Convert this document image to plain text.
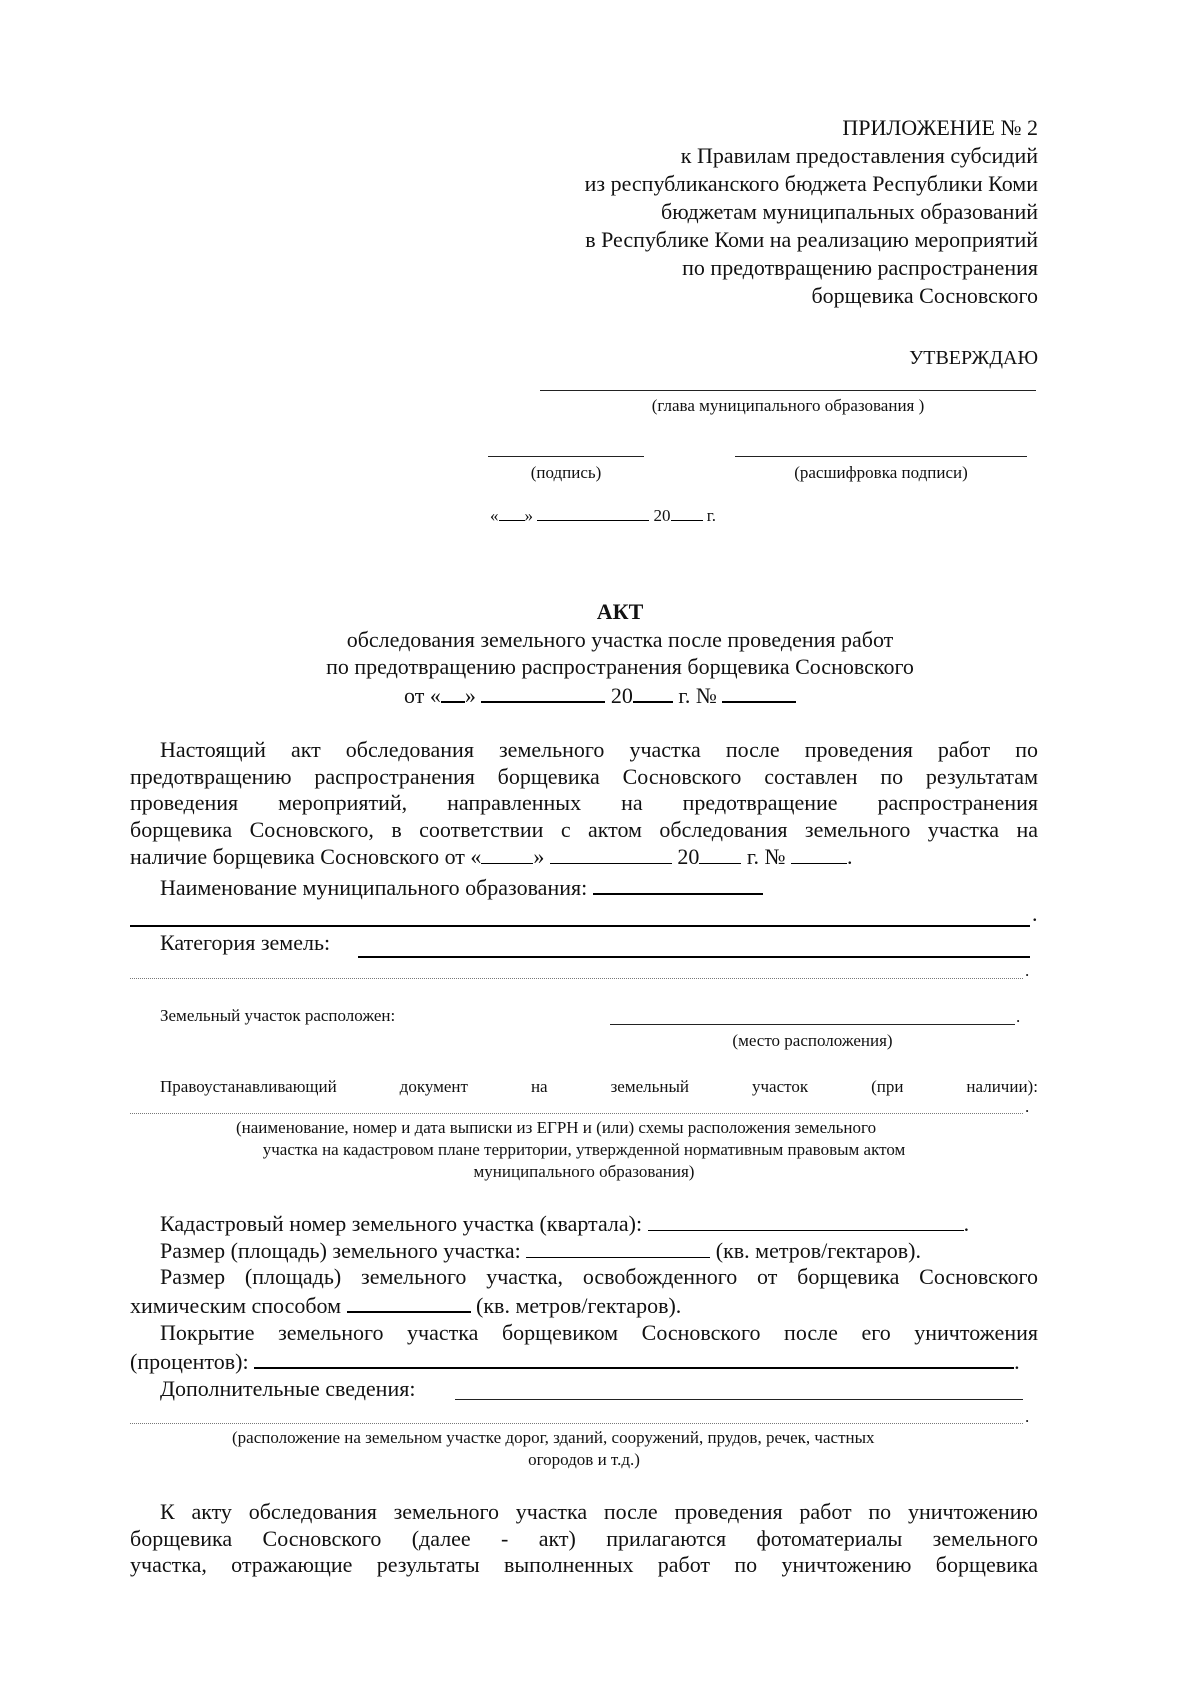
ПРИЛОЖЕНИЕ № 2
к Правилам предоставления субсидий
из республиканского бюджета Республики Коми
бюджетам муниципальных образований
в Республике Коми на реализацию мероприятий
по предотвращению распространения
борщевика Сосновского
УТВЕРЖДАЮ
(глава муниципального образования )
(подпись)	(расшифровка подписи)
« »	20 г.
АКТ
обследования земельного участка после проведения работ
по предотвращению распространения борщевика Сосновского
от « »	20 г. №
Настоящий акт обследования земельного участка после проведения работ по
предотвращению распространения борщевика Сосновского составлен по результатам
проведения мероприятий, направленных на предотвращение распространения
борщевика Сосновского, в соответствии с актом обследования земельного участка на
наличие борщевика Сосновского от « »	20 г. №	.
Наименование муниципального образования:
.
Категория земель:
.
Земельный участок расположен:	.
(место расположения)
Правоустанавливающий	документ	на	земельный	участок	(при	наличии):
.
(наименование, номер и дата выписки из ЕГРН и (или) схемы расположения земельного
участка на кадастровом плане территории, утвержденной нормативным правовым актом
муниципального образования)
Кадастровый номер земельного участка (квартала):	.
Размер (площадь) земельного участка:	(кв. метров/гектаров).
Размер (площадь) земельного участка, освобожденного от борщевика Сосновского
химическим способом	(кв. метров/гектаров).
Покрытие земельного участка борщевиком Сосновского после его уничтожения
(процентов):	.
Дополнительные сведения:
.
(расположение на земельном участке дорог, зданий, сооружений, прудов, речек, частных
огородов и т.д.)
К акту обследования земельного участка после проведения работ по уничтожению
борщевика Сосновского (далее - акт) прилагаются фотоматериалы земельного
участка, отражающие результаты выполненных работ по уничтожению борщевика
